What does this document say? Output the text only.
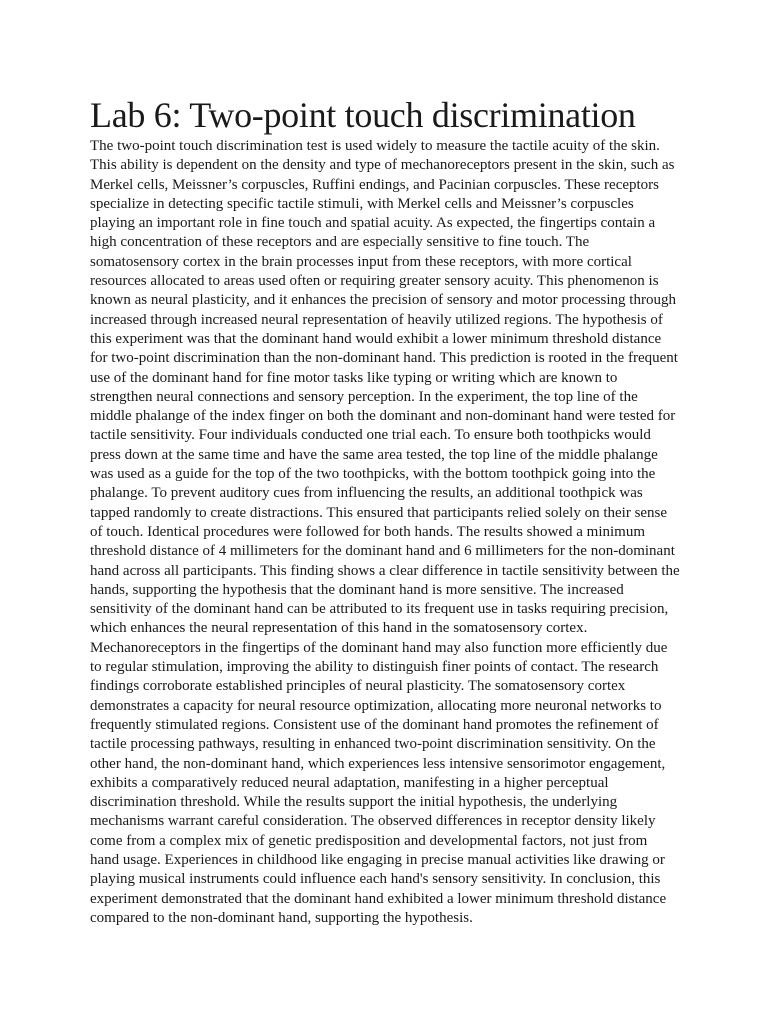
Lab 6: Two-point touch discrimination

The two-point touch discrimination test is used widely to measure the tactile acuity of the skin. This ability is dependent on the density and type of mechanoreceptors present in the skin, such as Merkel cells, Meissner’s corpuscles, Ruffini endings, and Pacinian corpuscles. These receptors specialize in detecting specific tactile stimuli, with Merkel cells and Meissner’s corpuscles playing an important role in fine touch and spatial acuity. As expected, the fingertips contain a high concentration of these receptors and are especially sensitive to fine touch. The somatosensory cortex in the brain processes input from these receptors, with more cortical resources allocated to areas used often or requiring greater sensory acuity. This phenomenon is known as neural plasticity, and it enhances the precision of sensory and motor processing through increased through increased neural representation of heavily utilized regions. The hypothesis of this experiment was that the dominant hand would exhibit a lower minimum threshold distance for two-point discrimination than the non-dominant hand. This prediction is rooted in the frequent use of the dominant hand for fine motor tasks like typing or writing which are known to strengthen neural connections and sensory perception. In the experiment, the top line of the middle phalange of the index finger on both the dominant and non-dominant hand were tested for tactile sensitivity. Four individuals conducted one trial each. To ensure both toothpicks would press down at the same time and have the same area tested, the top line of the middle phalange was used as a guide for the top of the two toothpicks, with the bottom toothpick going into the phalange. To prevent auditory cues from influencing the results, an additional toothpick was tapped randomly to create distractions. This ensured that participants relied solely on their sense of touch. Identical procedures were followed for both hands. The results showed a minimum threshold distance of 4 millimeters for the dominant hand and 6 millimeters for the non-dominant hand across all participants. This finding shows a clear difference in tactile sensitivity between the hands, supporting the hypothesis that the dominant hand is more sensitive. The increased sensitivity of the dominant hand can be attributed to its frequent use in tasks requiring precision, which enhances the neural representation of this hand in the somatosensory cortex. Mechanoreceptors in the fingertips of the dominant hand may also function more efficiently due to regular stimulation, improving the ability to distinguish finer points of contact. The research findings corroborate established principles of neural plasticity. The somatosensory cortex demonstrates a capacity for neural resource optimization, allocating more neuronal networks to frequently stimulated regions. Consistent use of the dominant hand promotes the refinement of tactile processing pathways, resulting in enhanced two-point discrimination sensitivity. On the other hand, the non-dominant hand, which experiences less intensive sensorimotor engagement, exhibits a comparatively reduced neural adaptation, manifesting in a higher perceptual discrimination threshold. While the results support the initial hypothesis, the underlying mechanisms warrant careful consideration. The observed differences in receptor density likely come from a complex mix of genetic predisposition and developmental factors, not just from hand usage. Experiences in childhood like engaging in precise manual activities like drawing or playing musical instruments could influence each hand's sensory sensitivity. In conclusion, this experiment demonstrated that the dominant hand exhibited a lower minimum threshold distance compared to the non-dominant hand, supporting the hypothesis.
